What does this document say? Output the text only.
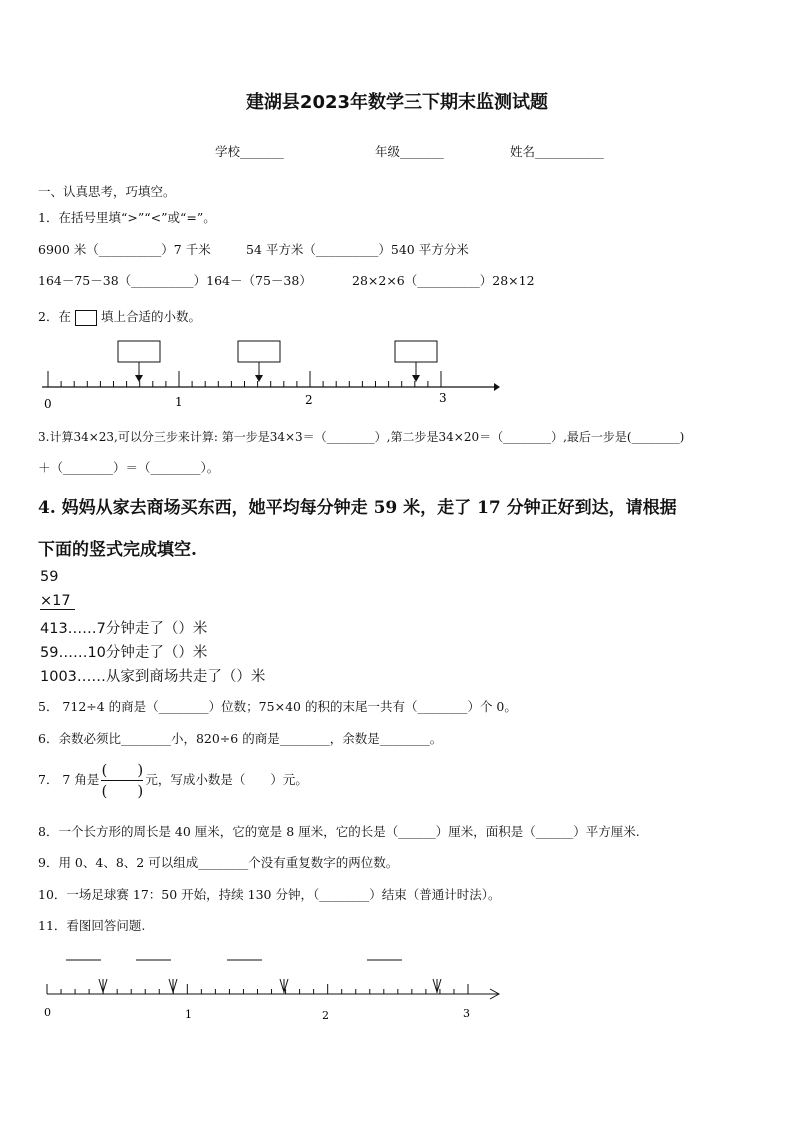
建湖县2023年数学三下期末监测试题
学校_______	年级_______	姓名___________
一、认真思考，巧填空。
1．在括号里填“>”“<”或“=”。
6900 米（__________）7 千米	54 平方米（__________）540 平方分米
164－75－38（__________）164－（75－38）	28×2×6（__________）28×12
2．在 填上合适的小数。
0	1	2	3
3.计算34×23,可以分三步来计算: 第一步是34×3＝（________）,第二步是34×20＝（________）,最后一步是(________)
＋（________）＝（________）。
4. 妈妈从家去商场买东西，她平均每分钟走 59 米，走了 17 分钟正好到达，请根据
下面的竖式完成填空.
59
×17
413……7分钟走了（）米
59……10分钟走了（）米
1003……从家到商场共走了（）米
5． 712÷4 的商是（________）位数；75×40 的积的末尾一共有（________）个 0。
6．余数必须比________小，820÷6 的商是________，余数是________。
7． 7 角是 $\frac{( )}{( )}$ 元，写成小数是（　　）元。
8．一个长方形的周长是 40 厘米，它的宽是 8 厘米，它的长是（______）厘米，面积是（______）平方厘米.
9．用 0、4、8、2 可以组成________个没有重复数字的两位数。
10．一场足球赛 17：50 开始，持续 130 分钟，（________）结束（普通计时法）。
11．看图回答问题.
0	1	2	3
